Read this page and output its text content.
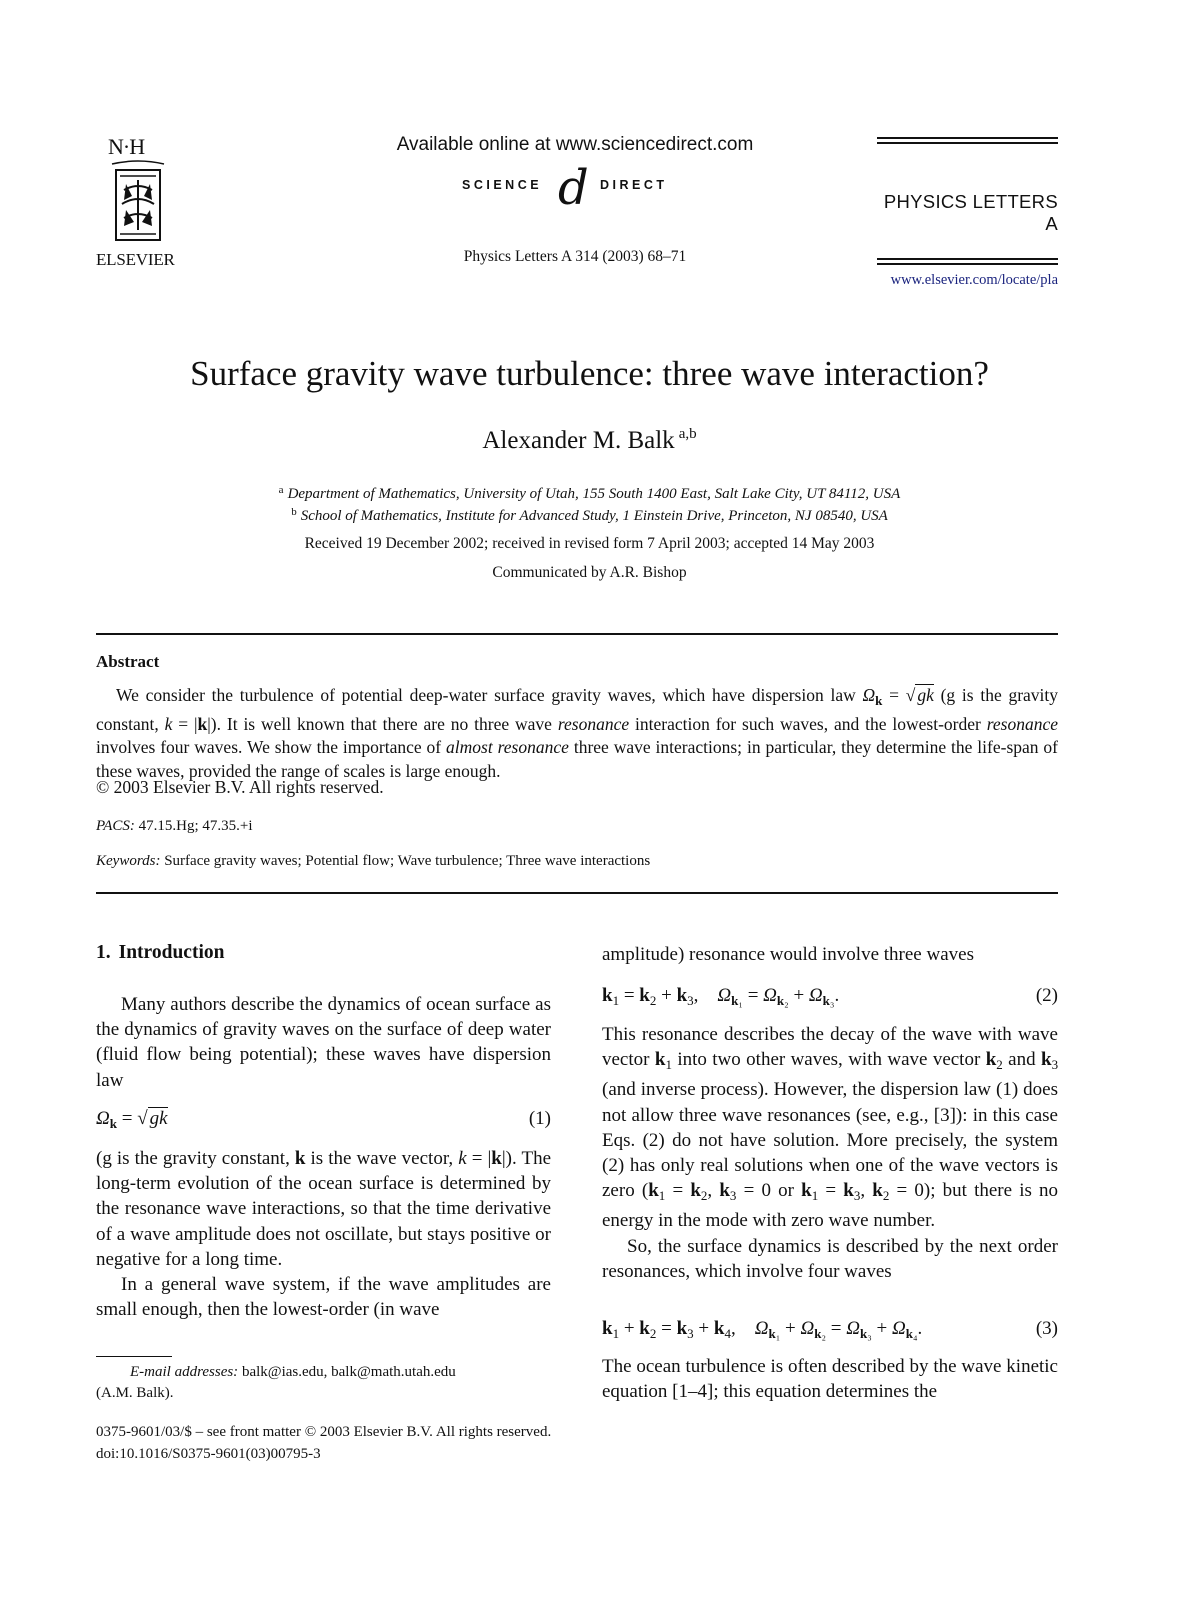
N·H
ELSEVIER
Available online at www.sciencedirect.com
SCIENCE d DIRECT
Physics Letters A 314 (2003) 68–71
PHYSICS LETTERS A
www.elsevier.com/locate/pla
Surface gravity wave turbulence: three wave interaction?
Alexander M. Balk $^{a,b}$
$^a$ Department of Mathematics, University of Utah, 155 South 1400 East, Salt Lake City, UT 84112, USA
$^b$ School of Mathematics, Institute for Advanced Study, 1 Einstein Drive, Princeton, NJ 08540, USA
Received 19 December 2002; received in revised form 7 April 2003; accepted 14 May 2003
Communicated by A.R. Bishop
Abstract
We consider the turbulence of potential deep-water surface gravity waves, which have dispersion law $\Omega_k$ = √ gk (g is the gravity constant, k = |k|). It is well known that there are no three wave resonance interaction for such waves, and the lowest-order resonance involves four waves. We show the importance of almost resonance three wave interactions; in particular, they determine the life-span of these waves, provided the range of scales is large enough.
© 2003 Elsevier B.V. All rights reserved.
PACS: 47.15.Hg; 47.35.+i
Keywords: Surface gravity waves; Potential flow; Wave turbulence; Three wave interactions
1. Introduction

Many authors describe the dynamics of ocean surface as the dynamics of gravity waves on the surface of deep water (fluid flow being potential); these waves have dispersion law

$\Omega_k$ = √ gk	(1)

(g is the gravity constant, k is the wave vector, k = |k|). The long-term evolution of the ocean surface is determined by the resonance wave interactions, so that the time derivative of a wave amplitude does not oscillate, but stays positive or negative for a long time.

In a general wave system, if the wave amplitudes are small enough, then the lowest-order (in wave

amplitude) resonance would involve three waves

$k_1 = k_2 + k_3$,    $\Omega_{k_1} = \Omega_{k_2} + \Omega_{k_3}$.	(2)

This resonance describes the decay of the wave with wave vector $k_1$ into two other waves, with wave vector $k_2$ and $k_3$ (and inverse process). However, the dispersion law (1) does not allow three wave resonances (see, e.g., [3]): in this case Eqs. (2) do not have solution. More precisely, the system (2) has only real solutions when one of the wave vectors is zero ($k_1 = k_2$, $k_3 = 0$ or $k_1 = k_3$, $k_2 = 0$); but there is no energy in the mode with zero wave number.

So, the surface dynamics is described by the next order resonances, which involve four waves

$k_1 + k_2 = k_3 + k_4$,    $\Omega_{k_1} + \Omega_{k_2} = \Omega_{k_3} + \Omega_{k_4}$.	(3)

The ocean turbulence is often described by the wave kinetic equation [1–4]; this equation determines the

E-mail addresses: balk@ias.edu, balk@math.utah.edu
(A.M. Balk).
0375-9601/03/$ – see front matter © 2003 Elsevier B.V. All rights reserved.
doi:10.1016/S0375-9601(03)00795-3
